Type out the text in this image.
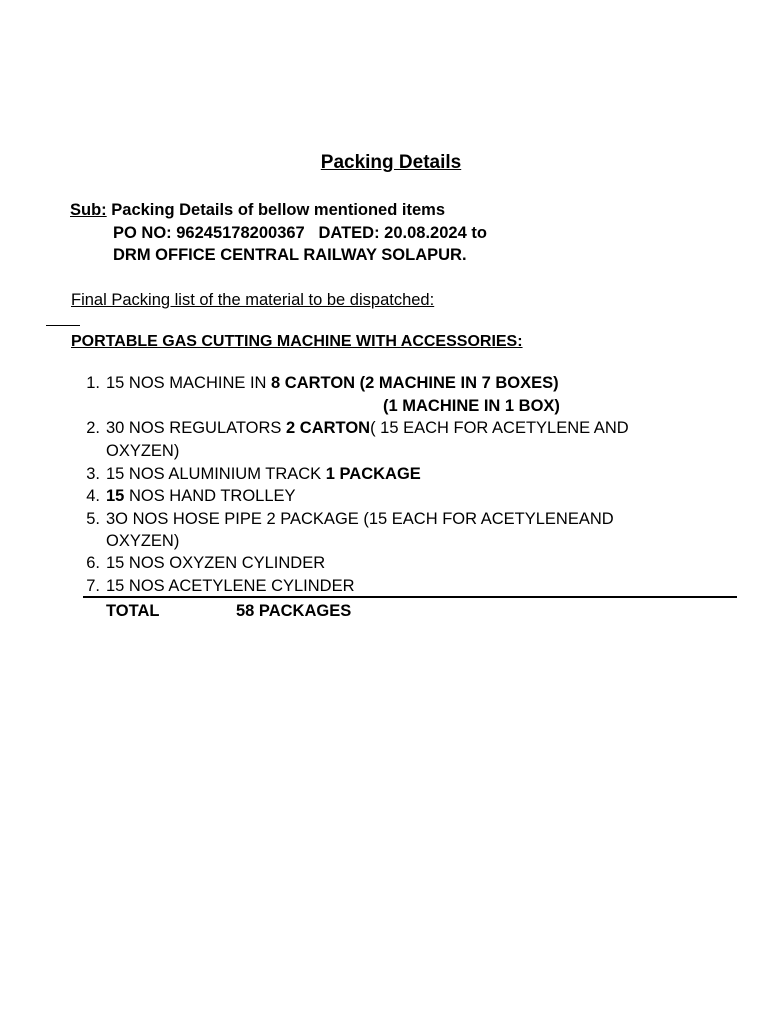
Packing Details
Sub: Packing Details of bellow mentioned items
PO NO: 96245178200367   DATED: 20.08.2024 to
DRM OFFICE CENTRAL RAILWAY SOLAPUR.
Final Packing list of the material to be dispatched:
PORTABLE GAS CUTTING MACHINE WITH ACCESSORIES:
1. 15 NOS MACHINE IN 8 CARTON (2 MACHINE IN 7 BOXES)
(1 MACHINE IN 1 BOX)
2. 30 NOS REGULATORS 2 CARTON( 15 EACH FOR ACETYLENE AND
OXYZEN)
3. 15 NOS ALUMINIUM TRACK 1 PACKAGE
4. 15 NOS HAND TROLLEY
5. 3O NOS HOSE PIPE 2 PACKAGE (15 EACH FOR ACETYLENEAND
OXYZEN)
6. 15 NOS OXYZEN CYLINDER
7. 15 NOS ACETYLENE CYLINDER
TOTAL	58 PACKAGES
